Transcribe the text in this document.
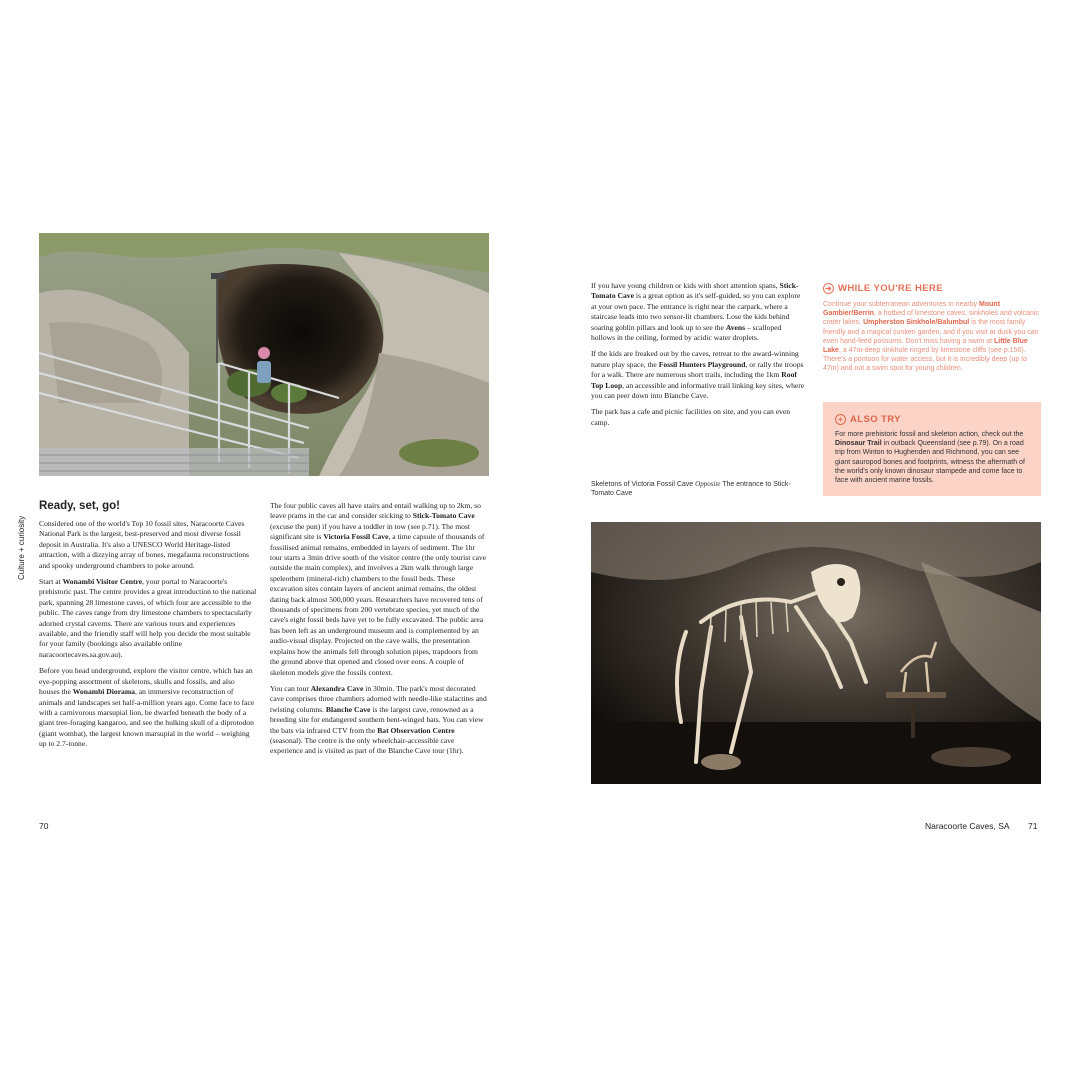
Culture + curiosity
Ready, set, go!

Considered one of the world's Top 10 fossil sites, Naracoorte Caves National Park is the largest, best-preserved and most diverse fossil deposit in Australia. It's also a UNESCO World Heritage-listed attraction, with a dizzying array of bones, megafauna reconstructions and spooky underground chambers to poke around.

Start at Wonambi Visitor Centre, your portal to Naracoorte's prehistoric past. The centre provides a great introduction to the national park, spanning 28 limestone caves, of which four are accessible to the public. The caves range from dry limestone chambers to spectacularly adorned crystal caverns. There are various tours and experiences available, and the friendly staff will help you decide the most suitable for your family (bookings also available online naracoortecaves.sa.gov.au).

Before you head underground, explore the visitor centre, which has an eye-popping assortment of skeletons, skulls and fossils, and also houses the Wonambi Diorama, an immersive reconstruction of animals and landscapes set half-a-million years ago. Come face to face with a carnivorous marsupial lion, be dwarfed beneath the body of a giant tree-foraging kangaroo, and see the hulking skull of a diprotodon (giant wombat), the largest known marsupial in the world – weighing up to 2.7-tonne.

The four public caves all have stairs and entail walking up to 2km, so leave prams in the car and consider sticking to Stick-Tomato Cave (excuse the pun) if you have a toddler in tow (see p.71). The most significant site is Victoria Fossil Cave, a time capsule of thousands of fossilised animal remains, embedded in layers of sediment. The 1hr tour starts a 3min drive south of the visitor centre (the only tourist cave outside the main complex), and involves a 2km walk through large speleothem (mineral-rich) chambers to the fossil beds. These excavation sites contain layers of ancient animal remains, the oldest dating back almost 500,000 years. Researchers have recovered tens of thousands of specimens from 200 vertebrate species, yet much of the cave's eight fossil beds have yet to be fully excavated. The public area has been left as an underground museum and is complemented by an audio-visual display. Projected on the cave walls, the presentation explains how the animals fell through solution pipes, trapdoors from the ground above that opened and closed over eons. A couple of skeleton models give the fossils context.

You can tour Alexandra Cave in 30min. The park's most decorated cave comprises three chambers adorned with needle-like stalactites and twisting columns. Blanche Cave is the largest cave, renowned as a breeding site for endangered southern bent-winged bats. You can view the bats via infrared CTV from the Bat Observation Centre (seasonal). The centre is the only wheelchair-accessible cave experience and is visited as part of the Blanche Cave tour (1hr).

70

If you have young children or kids with short attention spans, Stick-Tomato Cave is a great option as it's self-guided, so you can explore at your own pace. The entrance is right near the carpark, where a staircase leads into two sensor-lit chambers. Lose the kids behind soaring goblin pillars and look up to see the Avens – scalloped hollows in the ceiling, formed by acidic water droplets.

If the kids are freaked out by the caves, retreat to the award-winning nature play space, the Fossil Hunters Playground, or rally the troops for a walk. There are numerous short trails, including the 1km Roof Top Loop, an accessible and informative trail linking key sites, where you can peer down into Blanche Cave.

The park has a cafe and picnic facilities on site, and you can even camp.

Skeletons of Victoria Fossil Cave Opposite The entrance to Stick-Tomato Cave
➜ WHILE YOU'RE HERE
Continue your subterranean adventures in nearby Mount Gambier/Berrin, a hotbed of limestone caves, sinkholes and volcanic crater lakes. Umpherston Sinkhole/Balumbul is the most family friendly and a magical sunken garden, and if you visit at dusk you can even hand-feed possums. Don't miss having a swim at Little Blue Lake, a 47m-deep sinkhole ringed by limestone cliffs (see p.156). There's a pontoon for water access, but it is incredibly deep (up to 47m) and not a swim spot for young children.
+ ALSO TRY
For more prehistoric fossil and skeleton action, check out the Dinosaur Trail in outback Queensland (see p.79). On a road trip from Winton to Hughenden and Richmond, you can see giant sauropod bones and footprints, witness the aftermath of the world's only known dinosaur stampede and come face to face with ancient marine fossils.
Naracoorte Caves, SA 71
